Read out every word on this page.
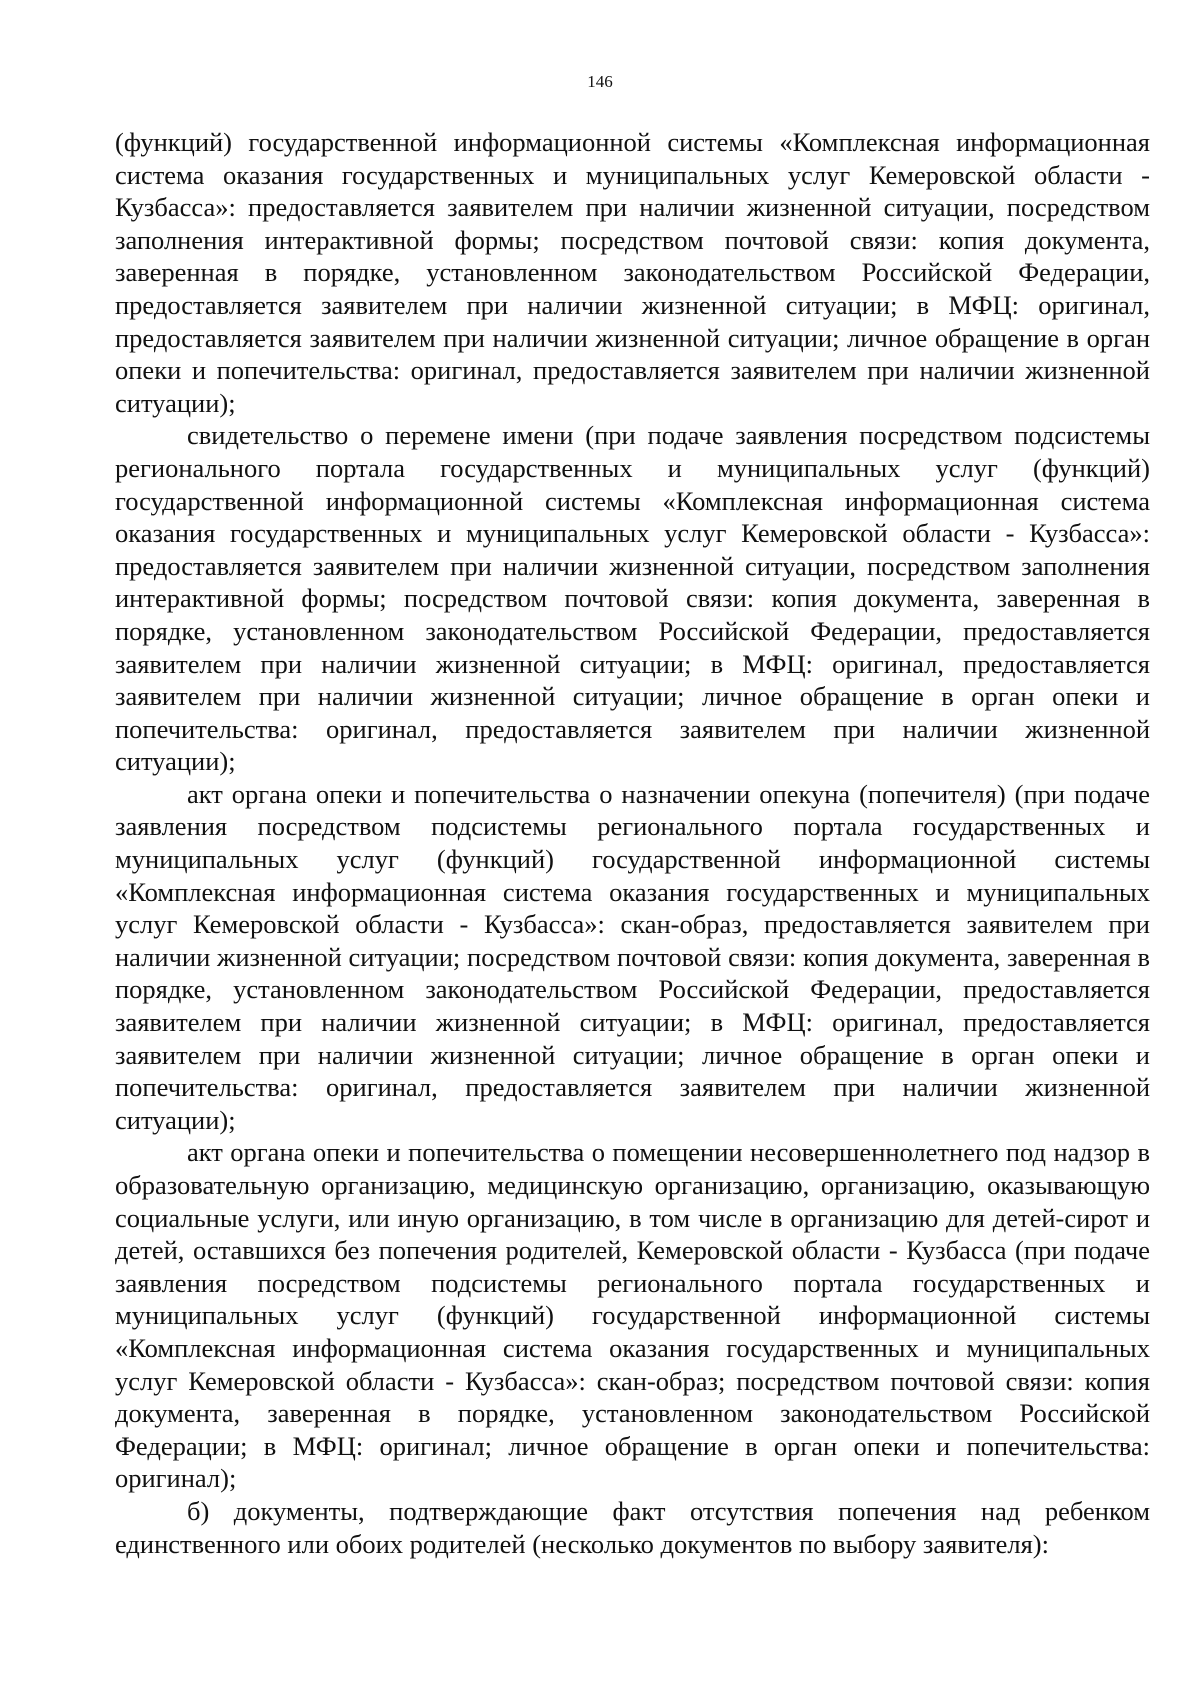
146

(функций) государственной информационной системы «Комплексная информационная система оказания государственных и муниципальных услуг Кемеровской области - Кузбасса»: предоставляется заявителем при наличии жизненной ситуации, посредством заполнения интерактивной формы; посредством почтовой связи: копия документа, заверенная в порядке, установленном законодательством Российской Федерации, предоставляется заявителем при наличии жизненной ситуации; в МФЦ: оригинал, предоставляется заявителем при наличии жизненной ситуации; личное обращение в орган опеки и попечительства: оригинал, предоставляется заявителем при наличии жизненной ситуации);

свидетельство о перемене имени (при подаче заявления посредством подсистемы регионального портала государственных и муниципальных услуг (функций) государственной информационной системы «Комплексная информационная система оказания государственных и муниципальных услуг Кемеровской области - Кузбасса»: предоставляется заявителем при наличии жизненной ситуации, посредством заполнения интерактивной формы; посредством почтовой связи: копия документа, заверенная в порядке, установленном законодательством Российской Федерации, предоставляется заявителем при наличии жизненной ситуации; в МФЦ: оригинал, предоставляется заявителем при наличии жизненной ситуации; личное обращение в орган опеки и попечительства: оригинал, предоставляется заявителем при наличии жизненной ситуации);

акт органа опеки и попечительства о назначении опекуна (попечителя) (при подаче заявления посредством подсистемы регионального портала государственных и муниципальных услуг (функций) государственной информационной системы «Комплексная информационная система оказания государственных и муниципальных услуг Кемеровской области - Кузбасса»: скан-образ, предоставляется заявителем при наличии жизненной ситуации; посредством почтовой связи: копия документа, заверенная в порядке, установленном законодательством Российской Федерации, предоставляется заявителем при наличии жизненной ситуации; в МФЦ: оригинал, предоставляется заявителем при наличии жизненной ситуации; личное обращение в орган опеки и попечительства: оригинал, предоставляется заявителем при наличии жизненной ситуации);

акт органа опеки и попечительства о помещении несовершеннолетнего под надзор в образовательную организацию, медицинскую организацию, организацию, оказывающую социальные услуги, или иную организацию, в том числе в организацию для детей-сирот и детей, оставшихся без попечения родителей, Кемеровской области - Кузбасса (при подаче заявления посредством подсистемы регионального портала государственных и муниципальных услуг (функций) государственной информационной системы «Комплексная информационная система оказания государственных и муниципальных услуг Кемеровской области - Кузбасса»: скан-образ; посредством почтовой связи: копия документа, заверенная в порядке, установленном законодательством Российской Федерации; в МФЦ: оригинал; личное обращение в орган опеки и попечительства: оригинал);

б) документы, подтверждающие факт отсутствия попечения над ребенком единственного или обоих родителей (несколько документов по выбору заявителя):
